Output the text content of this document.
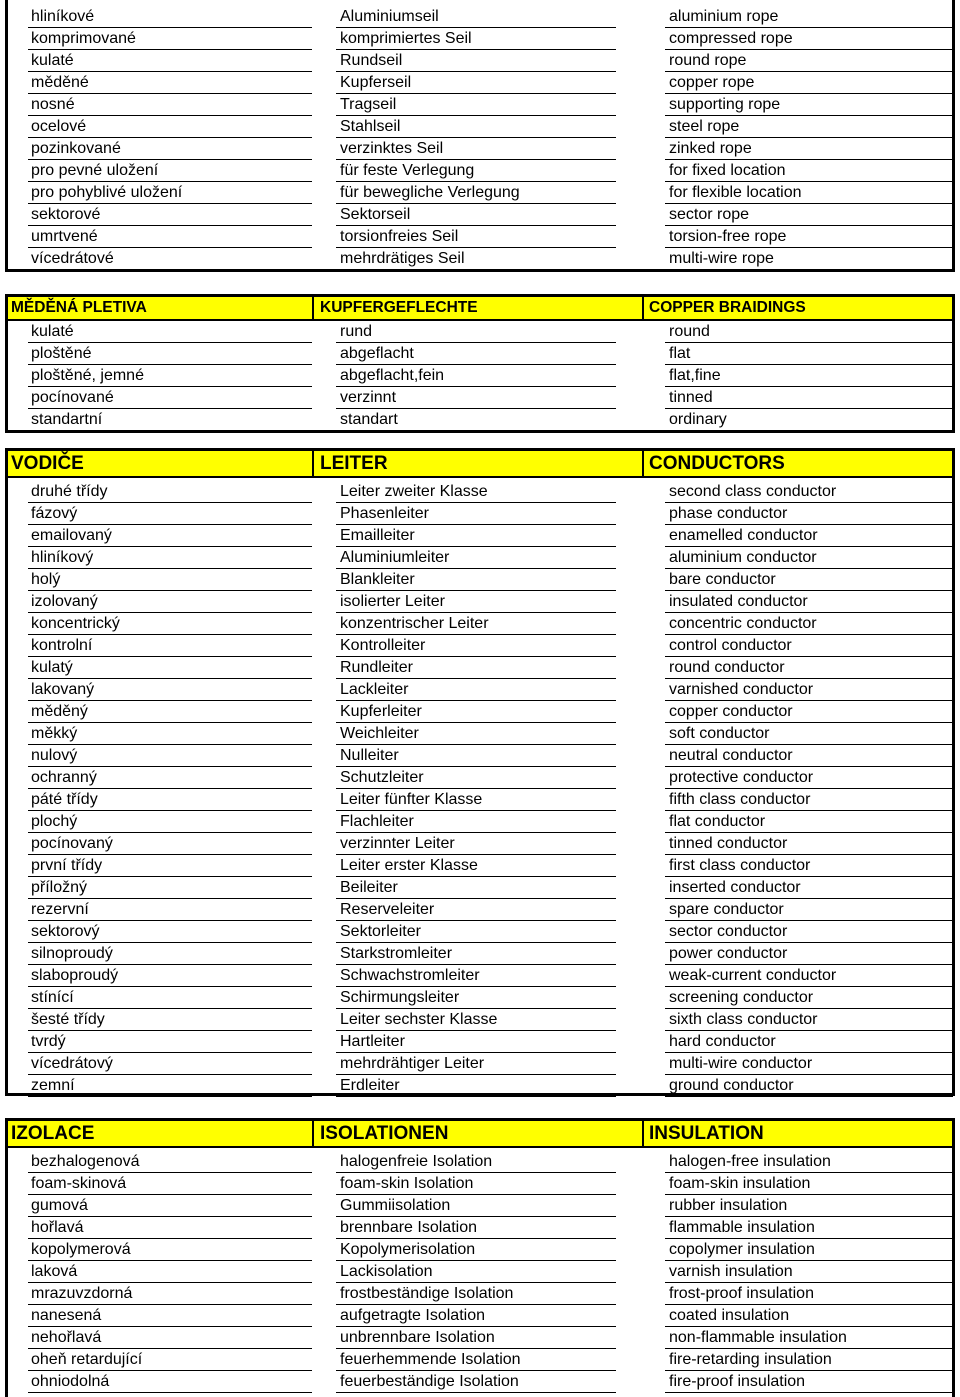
hliníkové	Aluminiumseil	aluminium rope
komprimované	komprimiertes Seil	compressed rope
kulaté	Rundseil	round rope
měděné	Kupferseil	copper rope
nosné	Tragseil	supporting rope
ocelové	Stahlseil	steel rope
pozinkované	verzinktes Seil	zinked rope
pro pevné uložení	für feste Verlegung	for fixed location
pro pohyblivé uložení	für bewegliche Verlegung	for flexible location
sektorové	Sektorseil	sector rope
umrtvené	torsionfreies Seil	torsion-free rope
vícedrátové	mehrdrätiges Seil	multi-wire rope
MĚDĚNÁ PLETIVA	KUPFERGEFLECHTE	COPPER BRAIDINGS
kulaté	rund	round
ploštěné	abgeflacht	flat
ploštěné, jemné	abgeflacht,fein	flat,fine
pocínované	verzinnt	tinned
standartní	standart	ordinary
VODIČE	LEITER	CONDUCTORS
druhé třídy	Leiter zweiter Klasse	second class conductor
fázový	Phasenleiter	phase conductor
emailovaný	Emailleiter	enamelled conductor
hliníkový	Aluminiumleiter	aluminium conductor
holý	Blankleiter	bare conductor
izolovaný	isolierter Leiter	insulated conductor
koncentrický	konzentrischer Leiter	concentric conductor
kontrolní	Kontrolleiter	control conductor
kulatý	Rundleiter	round conductor
lakovaný	Lackleiter	varnished conductor
měděný	Kupferleiter	copper conductor
měkký	Weichleiter	soft conductor
nulový	Nulleiter	neutral conductor
ochranný	Schutzleiter	protective conductor
páté třídy	Leiter fünfter Klasse	fifth class conductor
plochý	Flachleiter	flat conductor
pocínovaný	verzinnter Leiter	tinned conductor
první třídy	Leiter erster Klasse	first class conductor
příložný	Beileiter	inserted conductor
rezervní	Reserveleiter	spare conductor
sektorový	Sektorleiter	sector conductor
silnoproudý	Starkstromleiter	power conductor
slaboproudý	Schwachstromleiter	weak-current conductor
stínící	Schirmungsleiter	screening conductor
šesté třídy	Leiter sechster Klasse	sixth class conductor
tvrdý	Hartleiter	hard conductor
vícedrátový	mehrdrähtiger Leiter	multi-wire conductor
zemní	Erdleiter	ground conductor
IZOLACE	ISOLATIONEN	INSULATION
bezhalogenová	halogenfreie Isolation	halogen-free insulation
foam-skinová	foam-skin Isolation	foam-skin insulation
gumová	Gummiisolation	rubber insulation
hořlavá	brennbare Isolation	flammable insulation
kopolymerová	Kopolymerisolation	copolymer insulation
laková	Lackisolation	varnish insulation
mrazuvzdorná	frostbeständige Isolation	frost-proof insulation
nanesená	aufgetragte Isolation	coated insulation
nehořlavá	unbrennbare Isolation	non-flammable insulation
oheň retardující	feuerhemmende Isolation	fire-retarding insulation
ohniodolná	feuerbeständige Isolation	fire-proof insulation
